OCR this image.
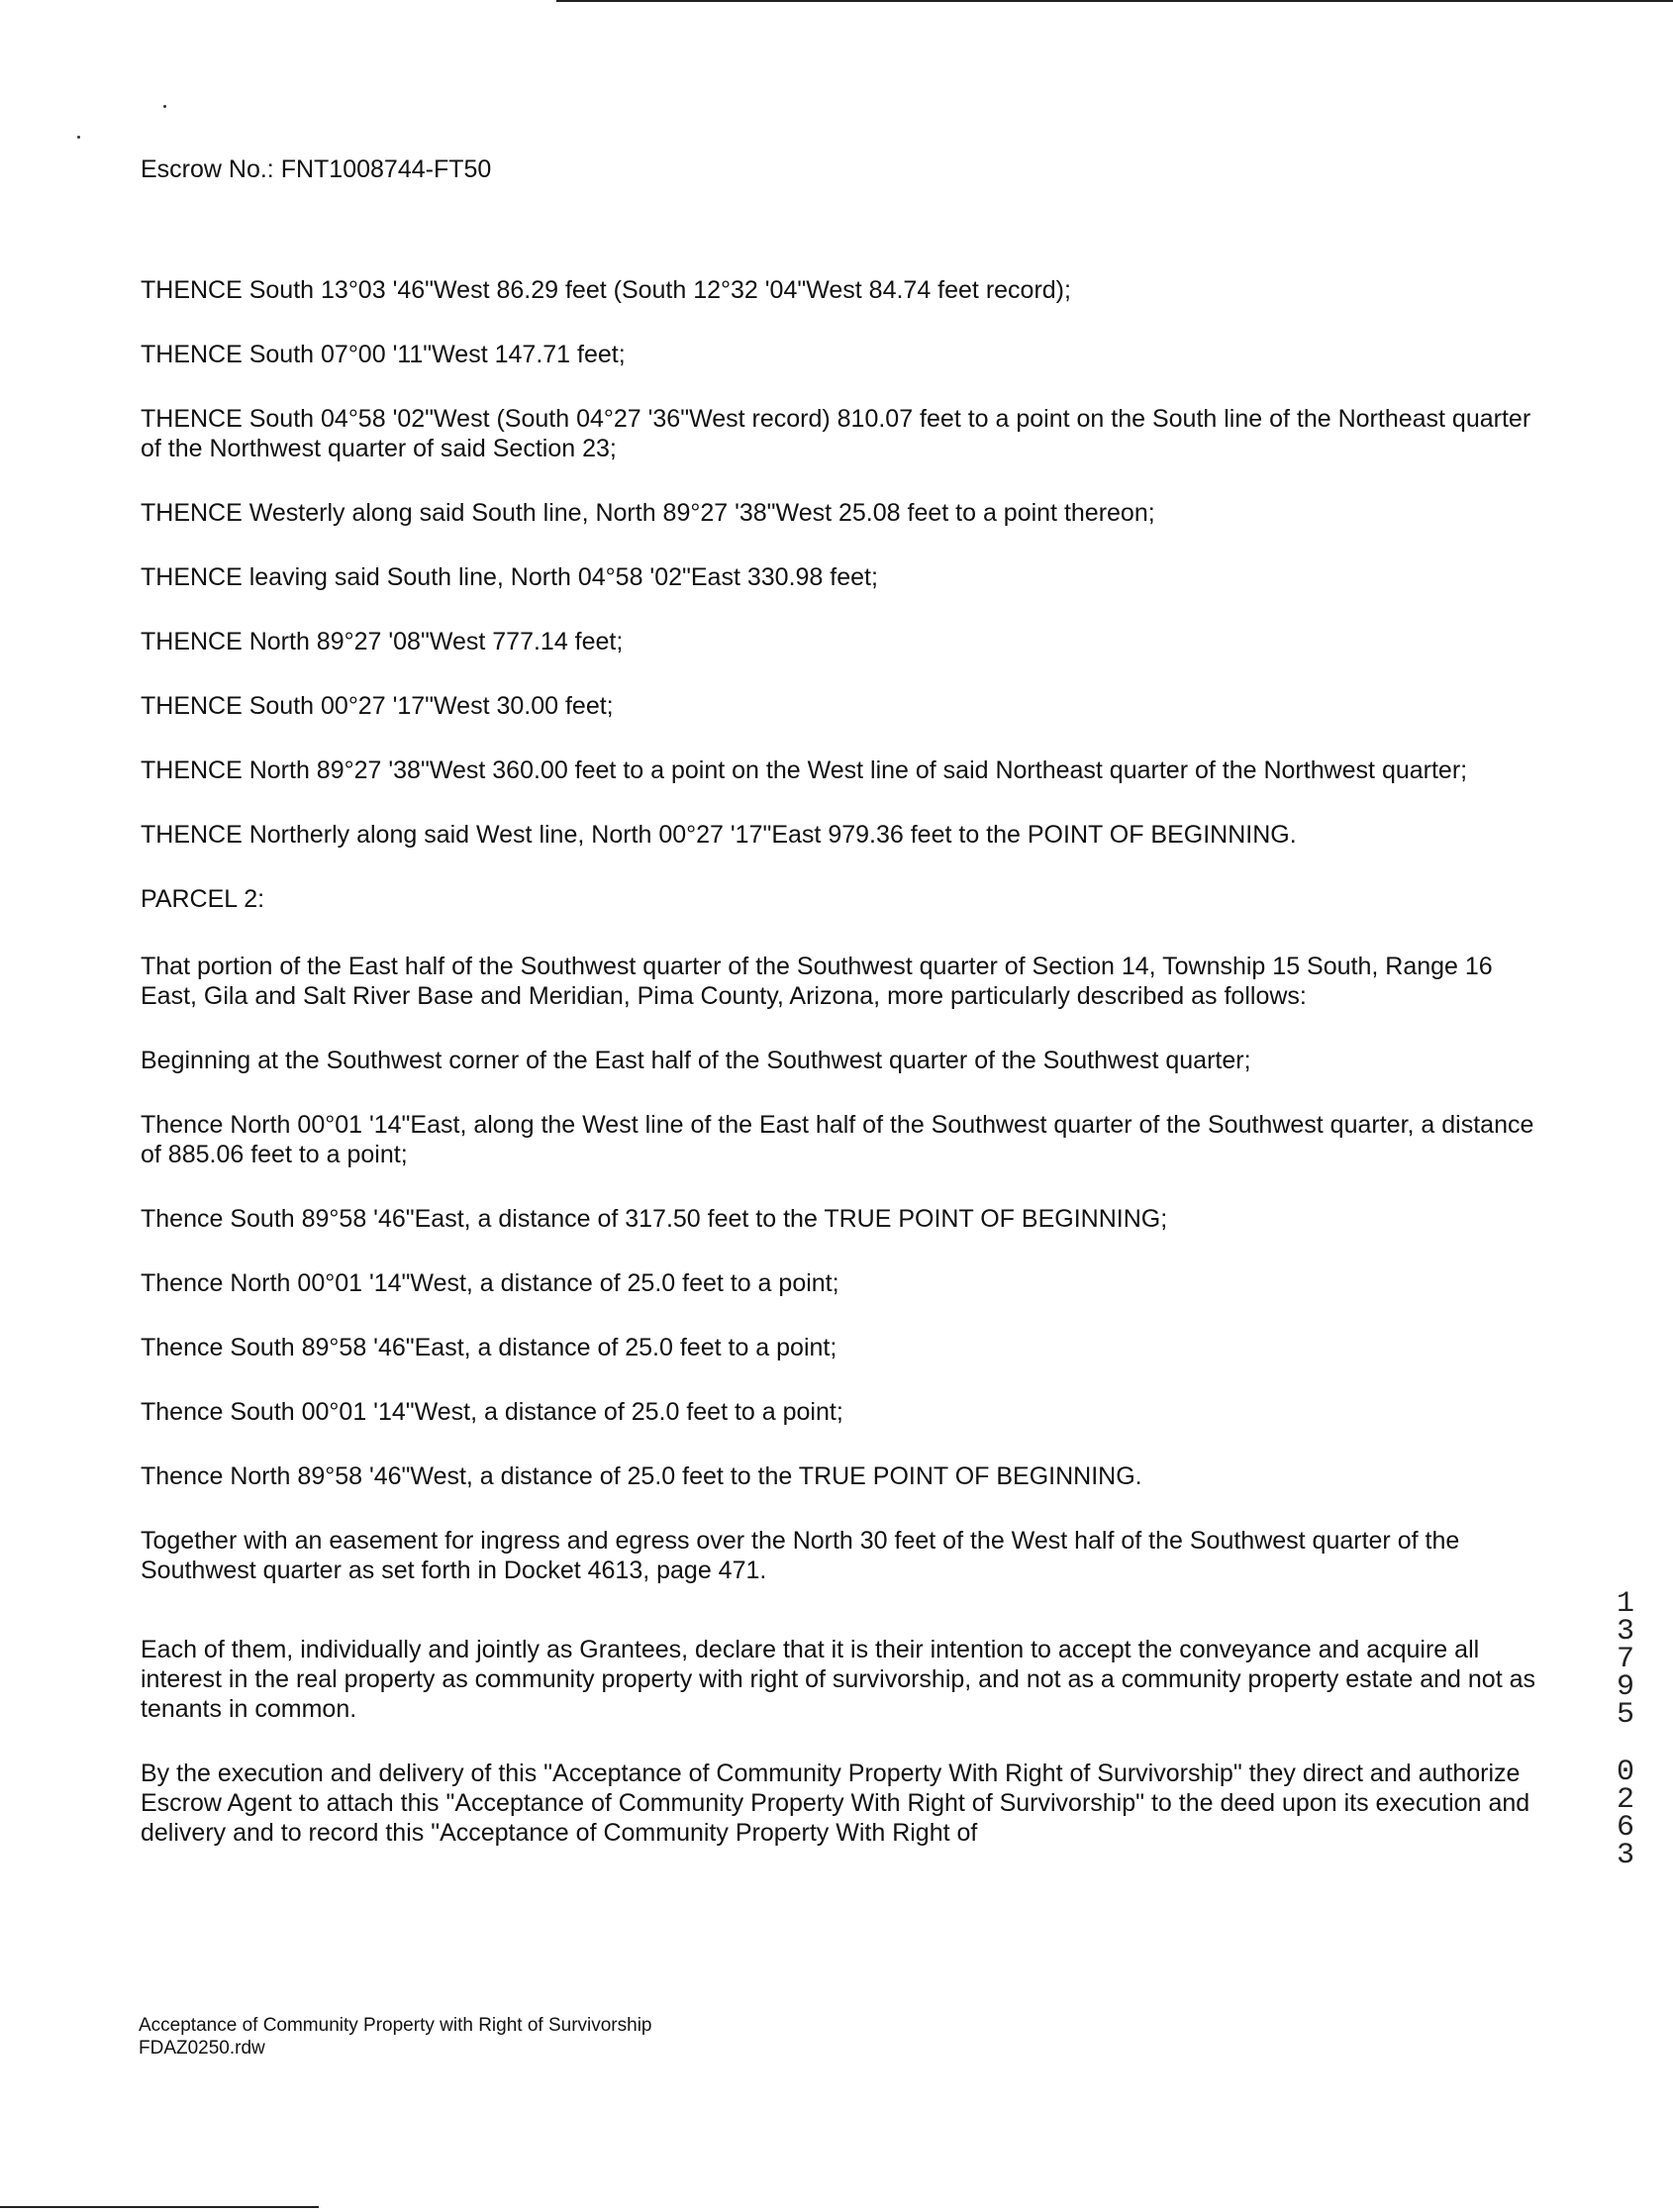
Escrow No.: FNT1008744-FT50

THENCE South 13°03 '46"West 86.29 feet (South 12°32 '04"West 84.74 feet record);

THENCE South 07°00 '11"West 147.71 feet;

THENCE South 04°58 '02"West (South 04°27 '36"West record) 810.07 feet to a point on the South line of the Northeast quarter of the Northwest quarter of said Section 23;

THENCE Westerly along said South line, North 89°27 '38"West 25.08 feet to a point thereon;

THENCE leaving said South line, North 04°58 '02"East 330.98 feet;

THENCE North 89°27 '08"West 777.14 feet;

THENCE South 00°27 '17"West 30.00 feet;

THENCE North 89°27 '38"West 360.00 feet to a point on the West line of said Northeast quarter of the Northwest quarter;

THENCE Northerly along said West line, North 00°27 '17"East 979.36 feet to the POINT OF BEGINNING.

PARCEL 2:

That portion of the East half of the Southwest quarter of the Southwest quarter of Section 14, Township 15 South, Range 16 East, Gila and Salt River Base and Meridian, Pima County, Arizona, more particularly described as follows:

Beginning at the Southwest corner of the East half of the Southwest quarter of the Southwest quarter;

Thence North 00°01 '14"East, along the West line of the East half of the Southwest quarter of the Southwest quarter, a distance of 885.06 feet to a point;

Thence South 89°58 '46"East, a distance of 317.50 feet to the TRUE POINT OF BEGINNING;

Thence North 00°01 '14"West, a distance of 25.0 feet to a point;

Thence South 89°58 '46"East, a distance of 25.0 feet to a point;

Thence South 00°01 '14"West, a distance of 25.0 feet to a point;

Thence North 89°58 '46"West, a distance of 25.0 feet to the TRUE POINT OF BEGINNING.

Together with an easement for ingress and egress over the North 30 feet of the West half of the Southwest quarter of the Southwest quarter as set forth in Docket 4613, page 471.

Each of them, individually and jointly as Grantees, declare that it is their intention to accept the conveyance and acquire all interest in the real property as community property with right of survivorship, and not as a community property estate and not as tenants in common.

By the execution and delivery of this "Acceptance of Community Property With Right of Survivorship" they direct and authorize Escrow Agent to attach this "Acceptance of Community Property With Right of Survivorship" to the deed upon its execution and delivery and to record this "Acceptance of Community Property With Right of

Acceptance of Community Property with Right of Survivorship

FDAZ0250.rdw

1
3
7
9
5
0
2
6
3
